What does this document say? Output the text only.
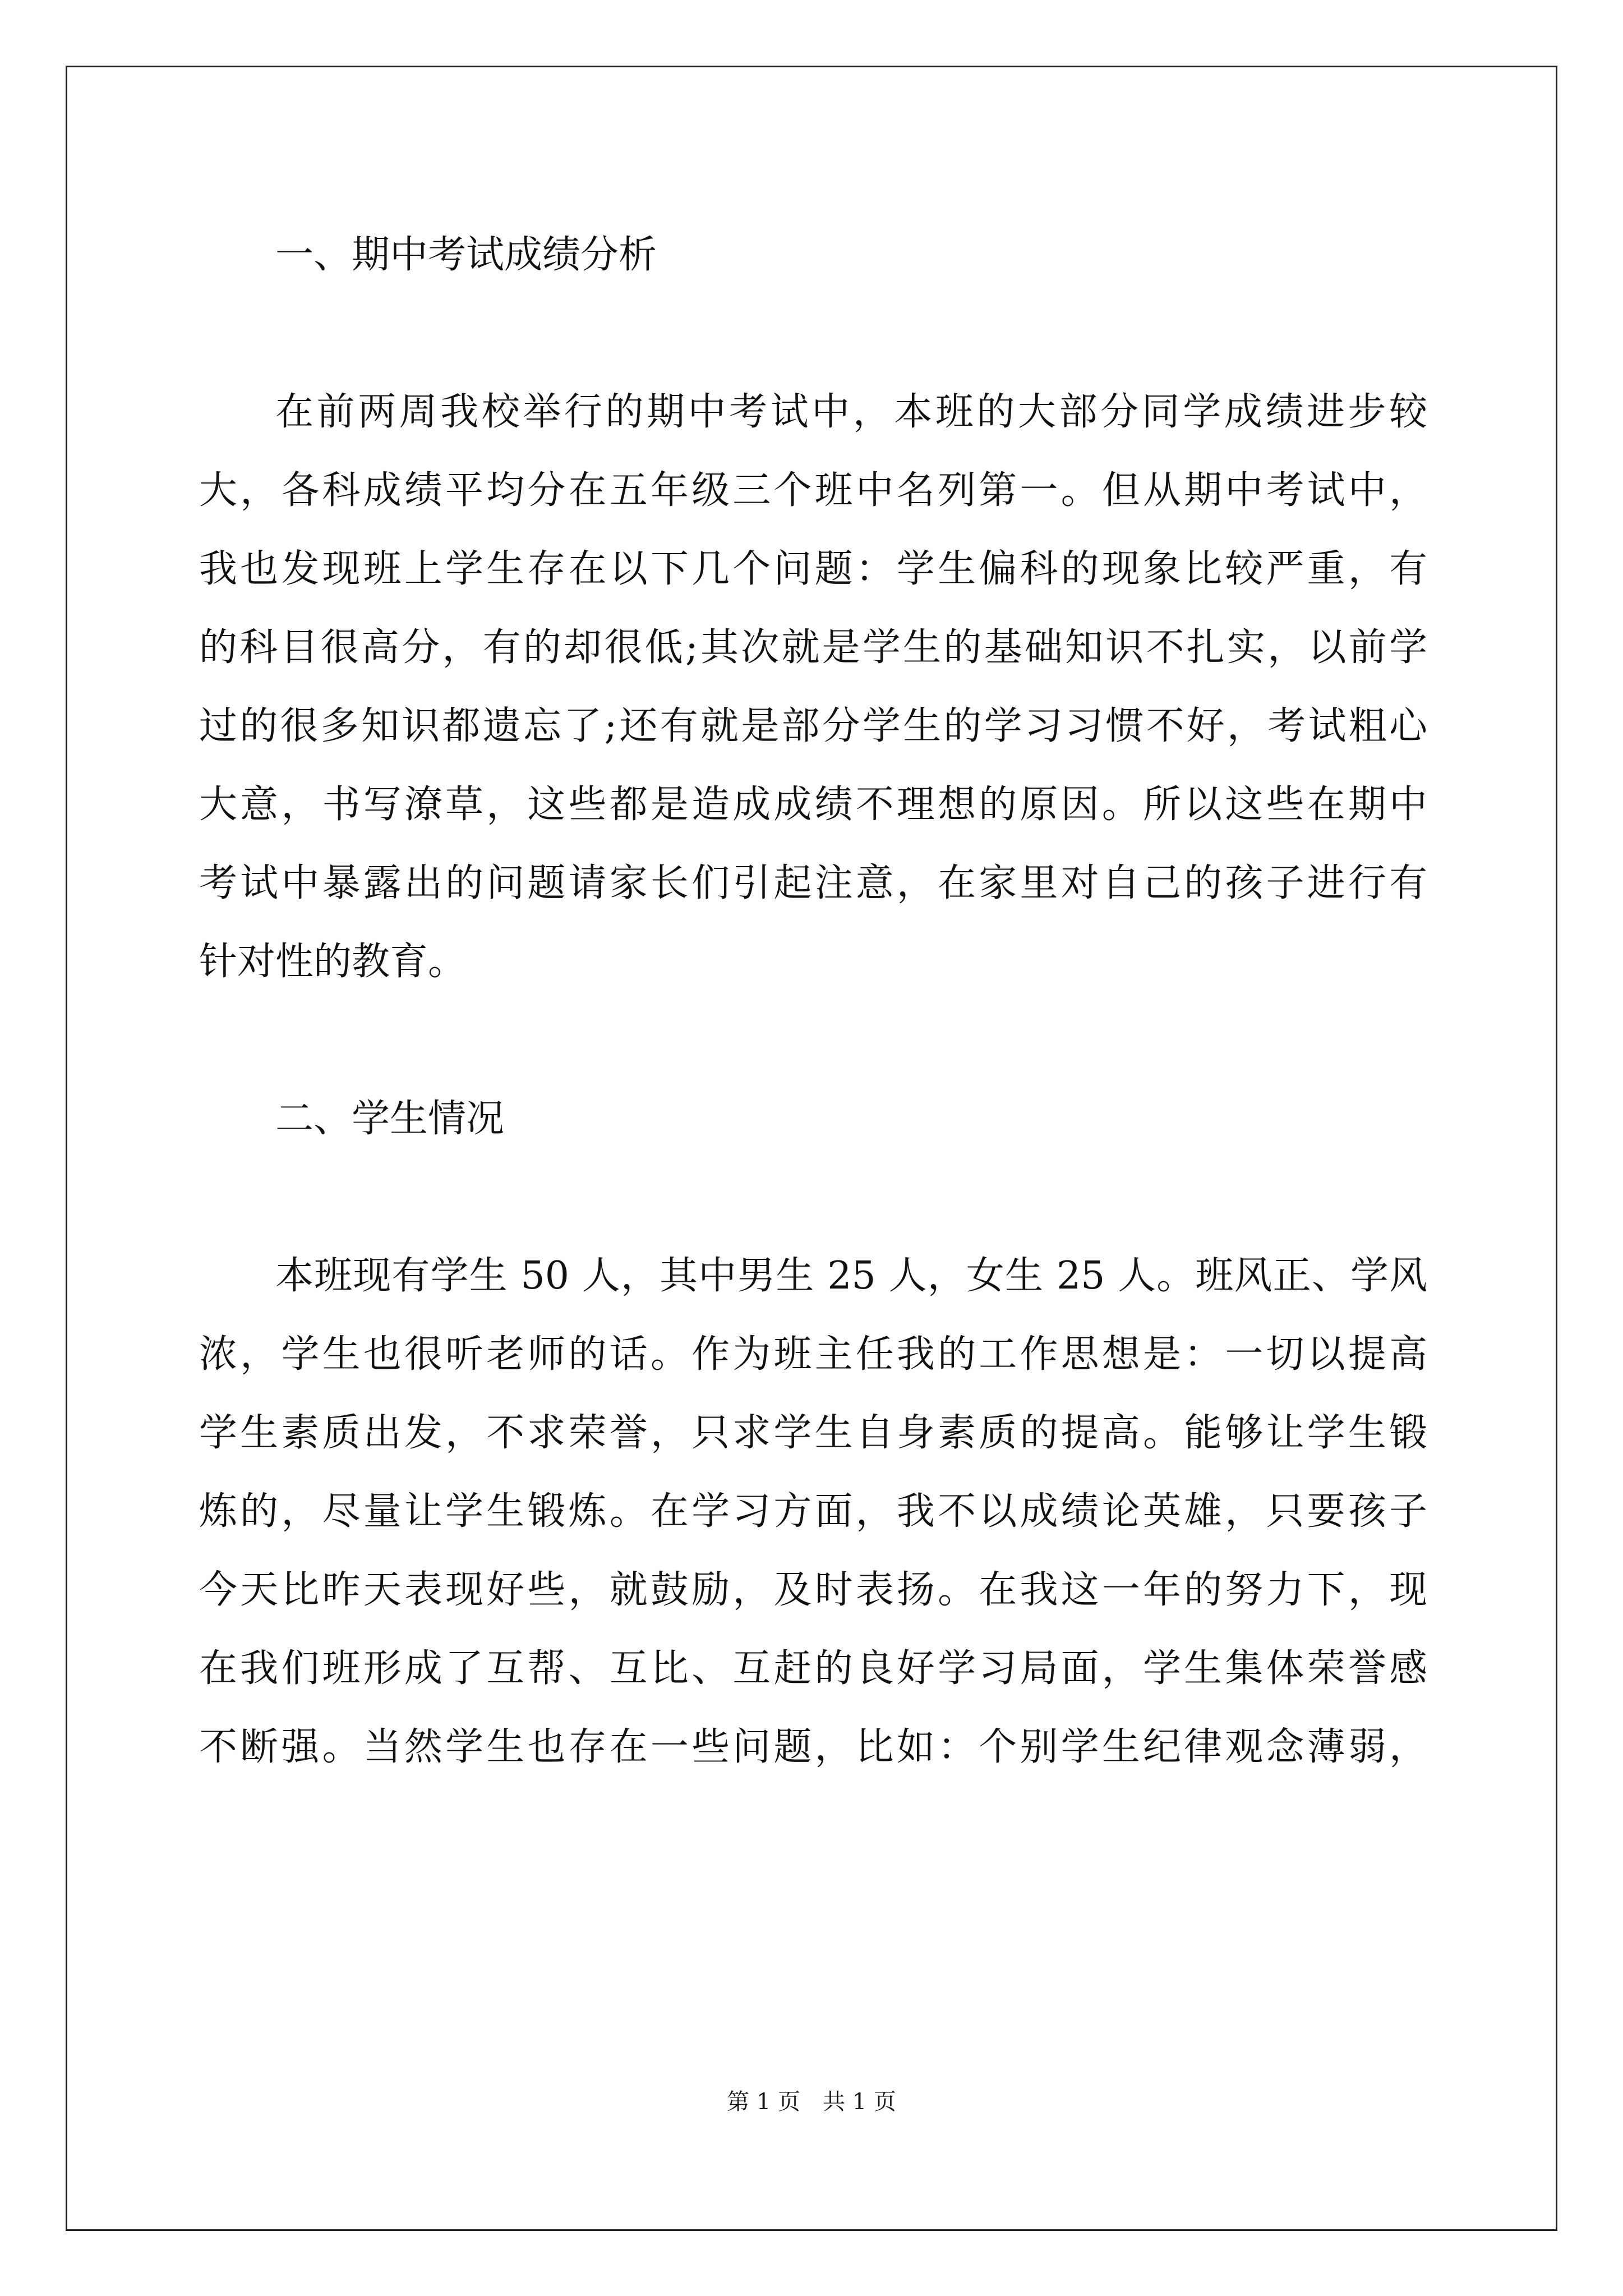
一、期中考试成绩分析

在前两周我校举行的期中考试中，本班的大部分同学成绩进步较
大，各科成绩平均分在五年级三个班中名列第一。但从期中考试中，
我也发现班上学生存在以下几个问题：学生偏科的现象比较严重，有
的科目很高分，有的却很低;其次就是学生的基础知识不扎实，以前学
过的很多知识都遗忘了;还有就是部分学生的学习习惯不好，考试粗心
大意，书写潦草，这些都是造成成绩不理想的原因。所以这些在期中
考试中暴露出的问题请家长们引起注意，在家里对自己的孩子进行有
针对性的教育。

二、学生情况

本班现有学生 50 人，其中男生 25 人，女生 25 人。班风正、学风
浓，学生也很听老师的话。作为班主任我的工作思想是：一切以提高
学生素质出发，不求荣誉，只求学生自身素质的提高。能够让学生锻
炼的，尽量让学生锻炼。在学习方面，我不以成绩论英雄，只要孩子
今天比昨天表现好些，就鼓励，及时表扬。在我这一年的努力下，现
在我们班形成了互帮、互比、互赶的良好学习局面，学生集体荣誉感
不断强。当然学生也存在一些问题，比如：个别学生纪律观念薄弱，
第 1 页　共 1 页
